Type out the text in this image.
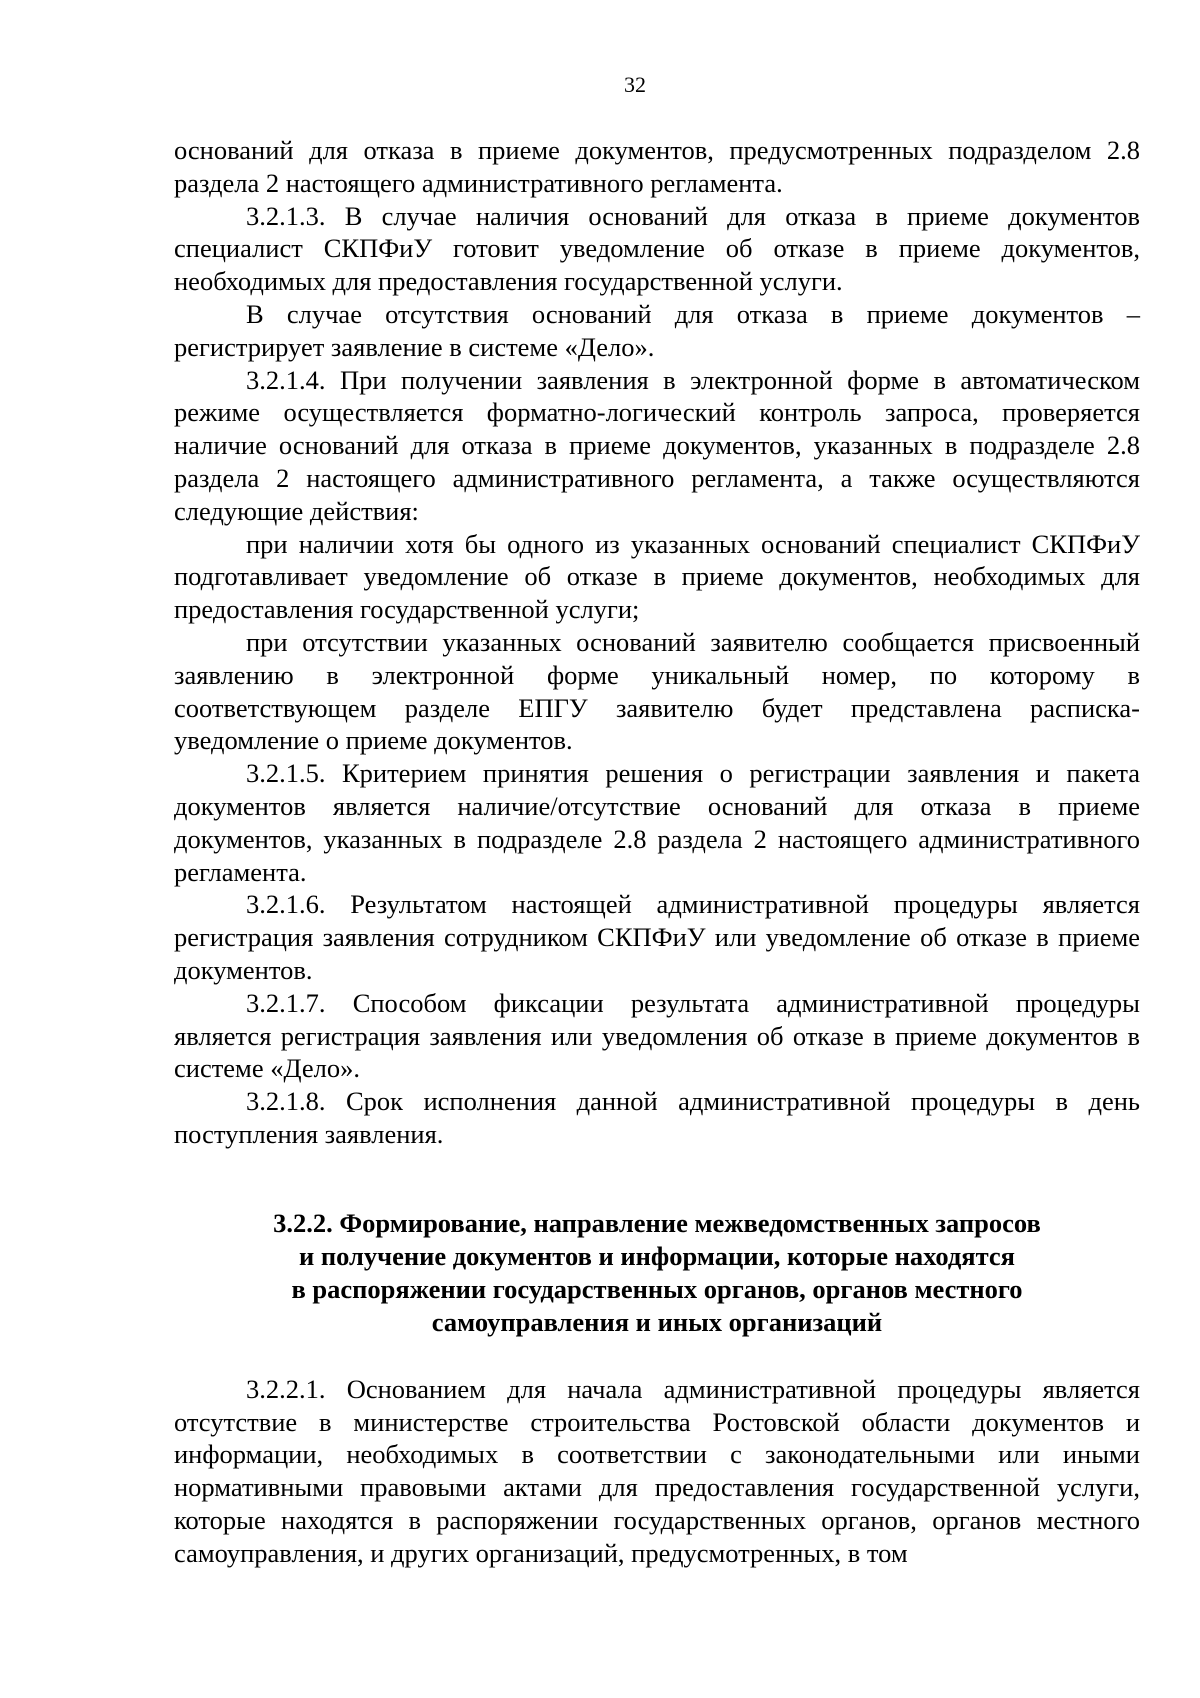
32

оснований для отказа в приеме документов, предусмотренных подразделом 2.8 раздела 2 настоящего административного регламента.

3.2.1.3. В случае наличия оснований для отказа в приеме документов специалист СКПФиУ готовит уведомление об отказе в приеме документов, необходимых для предоставления государственной услуги.

В случае отсутствия оснований для отказа в приеме документов – регистрирует заявление в системе «Дело».

3.2.1.4. При получении заявления в электронной форме в автоматическом режиме осуществляется форматно-логический контроль запроса, проверяется наличие оснований для отказа в приеме документов, указанных в подразделе 2.8 раздела 2 настоящего административного регламента, а также осуществляются следующие действия:

при наличии хотя бы одного из указанных оснований специалист СКПФиУ подготавливает уведомление об отказе в приеме документов, необходимых для предоставления государственной услуги;

при отсутствии указанных оснований заявителю сообщается присвоенный заявлению в электронной форме уникальный номер, по которому в соответствующем разделе ЕПГУ заявителю будет представлена расписка-уведомление о приеме документов.

3.2.1.5. Критерием принятия решения о регистрации заявления и пакета документов является наличие/отсутствие оснований для отказа в приеме документов, указанных в подразделе 2.8 раздела 2 настоящего административного регламента.

3.2.1.6. Результатом настоящей административной процедуры является регистрация заявления сотрудником СКПФиУ или уведомление об отказе в приеме документов.

3.2.1.7. Способом фиксации результата административной процедуры является регистрация заявления или уведомления об отказе в приеме документов в системе «Дело».

3.2.1.8. Срок исполнения данной административной процедуры в день поступления заявления.

3.2.2. Формирование, направление межведомственных запросов
и получение документов и информации, которые находятся
в распоряжении государственных органов, органов местного
самоуправления и иных организаций

3.2.2.1. Основанием для начала административной процедуры является отсутствие в министерстве строительства Ростовской области документов и информации, необходимых в соответствии с законодательными или иными нормативными правовыми актами для предоставления государственной услуги, которые находятся в распоряжении государственных органов, органов местного самоуправления, и других организаций, предусмотренных, в том
